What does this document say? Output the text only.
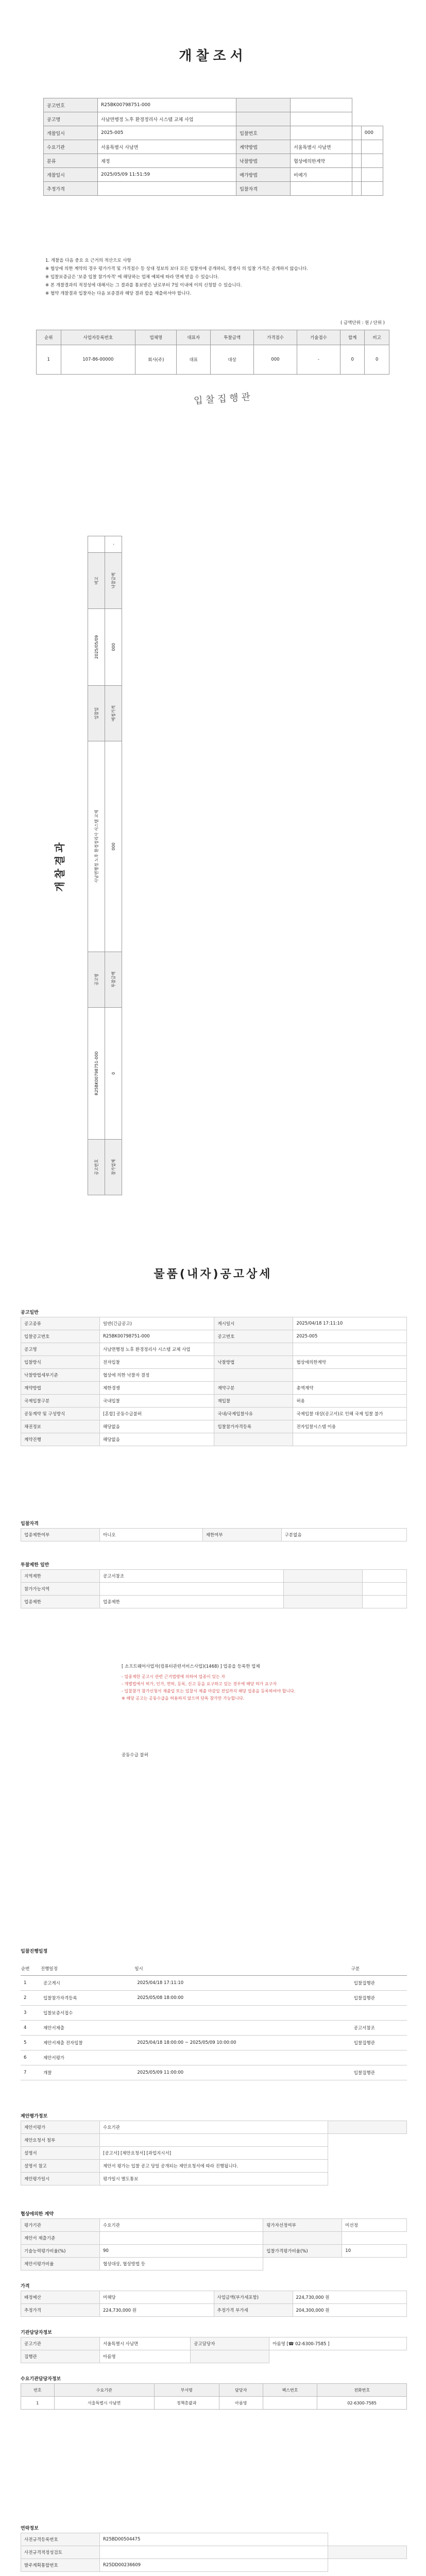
개찰조서
공고번호	R25BK00798751-000				
공고명	사남면행정 노후 환경정리사 시스템 교체 사업				
개찰일시	2025-005	입찰번호			000
수요기관	서울특별시 사남면	계약방법	서울특별시 사남면		
분류	재정	낙찰방법	협상에의한계약		
개찰일시	2025/05/09 11:51:59	예가방법	비예가		
추정가격		입찰자격			
1. 개찰을 다음 중요 요 근거의 적산으로 사항
※ 협상에 의한 계약의 경우 평가가격 및 가격점수 등 상대 정보의 보다 모든 입찰자에 공개하되, 경쟁사 의 입찰 가격은 공개하지 않습니다.
※ 입찰보증금은 '보증 입찰 참가자격' 에 해당하는 업체 예외에 따라 면제 받을 수 있습니다.
※ 본 개찰결과의 적정성에 대해서는 그 결과를 통보받은 날로부터 7일 이내에 이의 신청할 수 있습니다.
※ 협약 개찰결과 입찰자는 다음 보증결과 해당 결과 합을 제출하셔야 합니다.
( 금액단위 : 원 / 단위 )
순위	사업자등록번호	업체명	대표자	투찰금액	가격점수	기술점수	합계	비고
1	107-86-00000	회사(주)	대표	대상	000	-	0	0
입 찰 집 행 관
개찰결과
공고번호	R25BK00798751-000	공고명	사남면행정 노후 환경정리사 시스템 교체	입찰일	2025/05/09	비고	
참가업체	0	투찰금액	000	예정가격	000	낙찰금액	-
물품(내자)공고상세
공고일반
공고종류	일반(긴급공고)	게시일시	2025/04/18 17:11:10
입찰공고번호	R25BK00798751-000	공고번호	2025-005
공고명	사남면행정 노후 환경정리사 시스템 교체 사업		
입찰방식	전자입찰	낙찰방법	협상에의한계약
낙찰방법세부기준	협상에 의한 낙찰자 결정		
계약방법	제한경쟁	계약구분	총액계약
국제입찰구분	국내입찰	재입찰	허용
공동계약 및 구성방식	[혼합] 공동수급불허	국내/국제입찰사유	국제입찰 대상(공고서)로 인해 국제 입찰 불가
채권정보	해당없음	입찰참가자격등록	전자입찰시스템 이용
계약진행	해당없음		
입찰자격
업종제한여부	아니오	제한여부	구분없음
투찰제한 일반
지역제한	공고서참조		
참가가능지역			
업종제한	업종제한		
[ 소프트웨어사업자(컴퓨터관련서비스사업)(1468) ] 업종을 등록한 업체
- 업종제한 공고시 관련 근거법령에 의하여 업종이 있는 자
- 개별법에서 허가, 인가, 면허, 등록, 신고 등을 요구하고 있는 경우에 해당 허가 요구자
- 입찰참가 참가신청서 제출일 또는 입찰서 제출 마감일 전일까지 해당 업종을 등록하여야 합니다.
※ 해당 공고는 공동수급을 허용하지 않으며 단독 참가만 가능합니다.
공동수급 불허
입찰진행일정
순번	진행일정	일시	구분
1	공고게시	2025/04/18 17:11:10	입찰집행관
2	입찰참가자격등록	2025/05/08 18:00:00	입찰집행관
3	입찰보증서접수		
4	제안서제출		공고서참조
5	제안서제출 전자입찰	2025/04/18 18:00:00 ~ 2025/05/09 10:00:00	입찰집행관
6	제안서평가		
7	개찰	2025/05/09 11:00:00	입찰집행관
제안평가정보
제안서평가	수요기관	
제안요청서 첨부		
설명서	[공고서] [제안요청서] [과업지시서]	
설명서 참고	제안서 평가는 입찰 공고 당일 공개되는 제안요청서에 따라 진행됩니다.	
제안평가일시	평가일시 별도통보	
협상에의한 계약
평가기관	수요기관	평가자선정여부	미선정
제안서 제출기준			
기술능력평가비율(%)	90	입찰가격평가비율(%)	10
제안서평가비율	협상대상, 협상방법 등		
가격
배정예산	미해당	사업금액(부가세포함)	224,730,000 원
추정가격	224,730,000 원	추정가격 부가세	204,300,000 원
기관담당자정보
공고기관	서울특별시 사남면	공고담당자	아름영 [☎ 02-6300-7585 ]
집행관	아름영		
수요기관담당자정보
번호	수요기관	부서명	담당자	팩스번호	전화번호
1	서울특별시 사남면	정책총괄과	아름영		02-6300-7585
연락정보
사전규격등록번호	R25BD00504475	
사전규격적정성검토		
발주계획통합번호	R25DD00236609	
